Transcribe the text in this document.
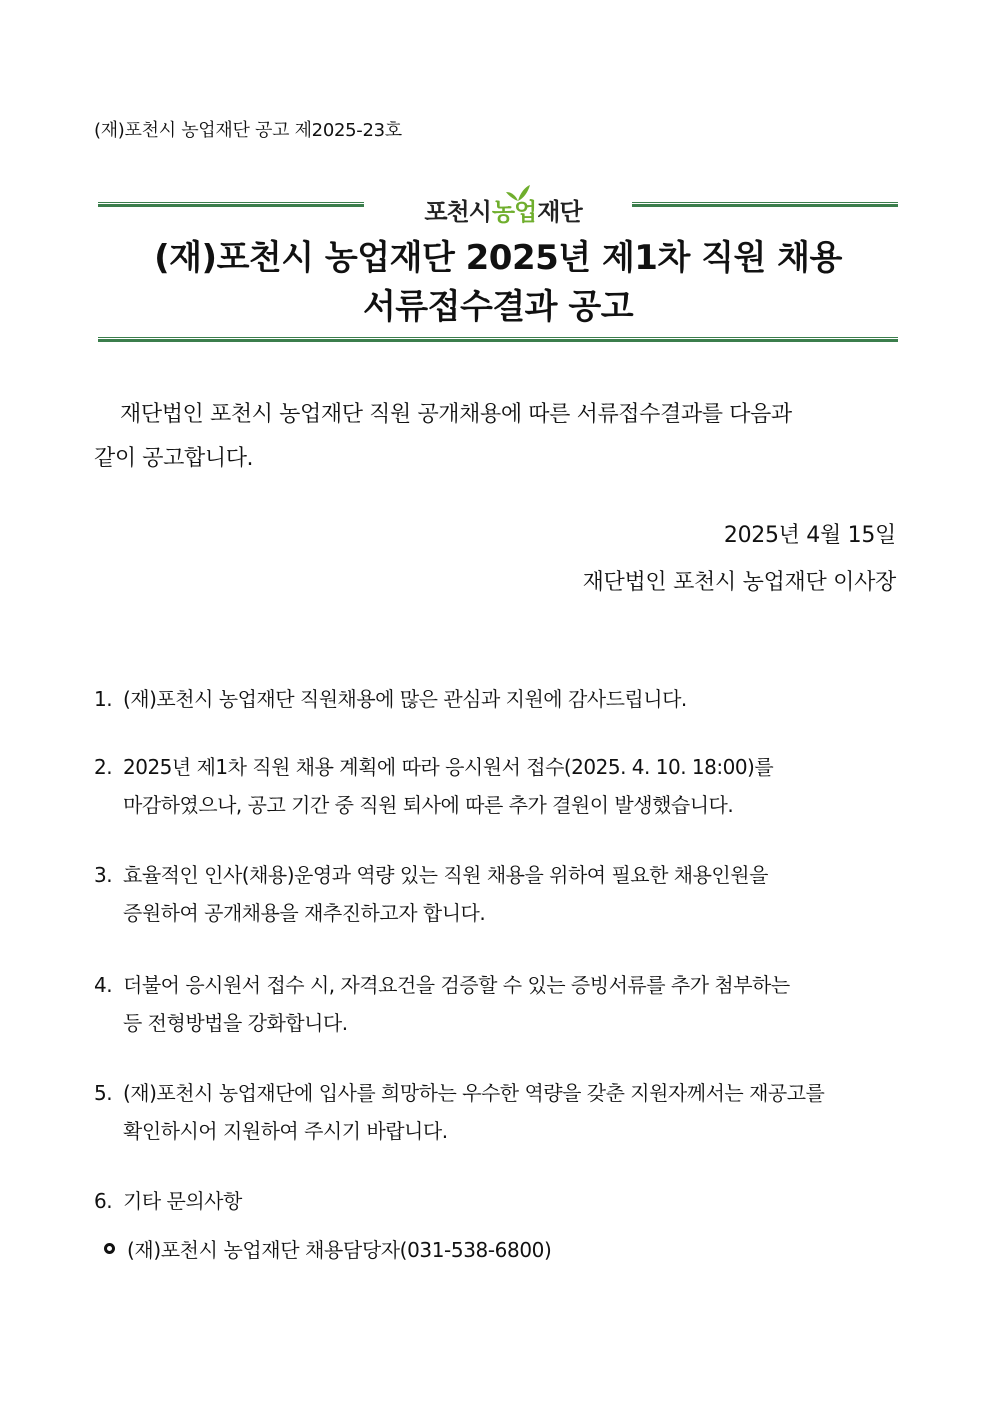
(재)포천시 농업재단 공고 제2025-23호
포천시 농업 재단
(재)포천시 농업재단 2025년 제1차 직원 채용
서류접수결과 공고
재단법인 포천시 농업재단 직원 공개채용에 따른 서류접수결과를 다음과
같이 공고합니다.
2025년 4월 15일
재단법인 포천시 농업재단 이사장
1. (재)포천시 농업재단 직원채용에 많은 관심과 지원에 감사드립니다.
2. 2025년 제1차 직원 채용 계획에 따라 응시원서 접수(2025. 4. 10. 18:00)를
마감하였으나, 공고 기간 중 직원 퇴사에 따른 추가 결원이 발생했습니다.
3. 효율적인 인사(채용)운영과 역량 있는 직원 채용을 위하여 필요한 채용인원을
증원하여 공개채용을 재추진하고자 합니다.
4. 더불어 응시원서 접수 시, 자격요건을 검증할 수 있는 증빙서류를 추가 첨부하는
등 전형방법을 강화합니다.
5. (재)포천시 농업재단에 입사를 희망하는 우수한 역량을 갖춘 지원자께서는 재공고를
확인하시어 지원하여 주시기 바랍니다.
6. 기타 문의사항
(재)포천시 농업재단 채용담당자(031-538-6800)
